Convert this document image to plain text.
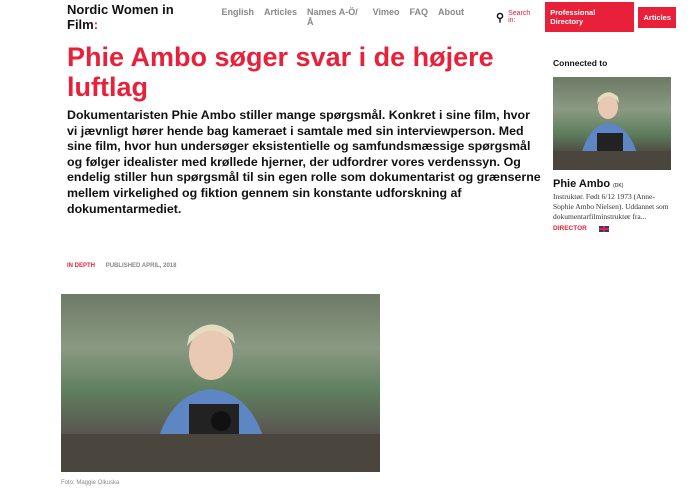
Nordic Women in Film:
English Articles Names A-Ö/Å
Vimeo FAQ About	⚲ Search in:
Professional Directory	Articles
Phie Ambo søger svar i de højere luftlag

Dokumentaristen Phie Ambo stiller mange spørgsmål. Konkret i sine film, hvor vi jævnligt hører hende bag kameraet i samtale med sin interviewperson. Med sine film, hvor hun undersøger eksistentielle og samfundsmæssige spørgsmål og følger idealister med krøllede hjerner, der udfordrer vores verdenssyn. Og endelig stiller hun spørgsmål til sin egen rolle som dokumentarist og grænserne mellem virkelighed og fiktion gennem sin konstante udforskning af dokumentarmediet.

IN DEPTH PUBLISHED APRIL, 2018
Foto: Maggie Olkuska
Connected to
Phie Ambo (DK)
Instruktør. Født 6/12 1973 (Anne-Sophie Ambo Nielsen). Uddannet som dokumentarfilminstruktør fra...
DIRECTOR
